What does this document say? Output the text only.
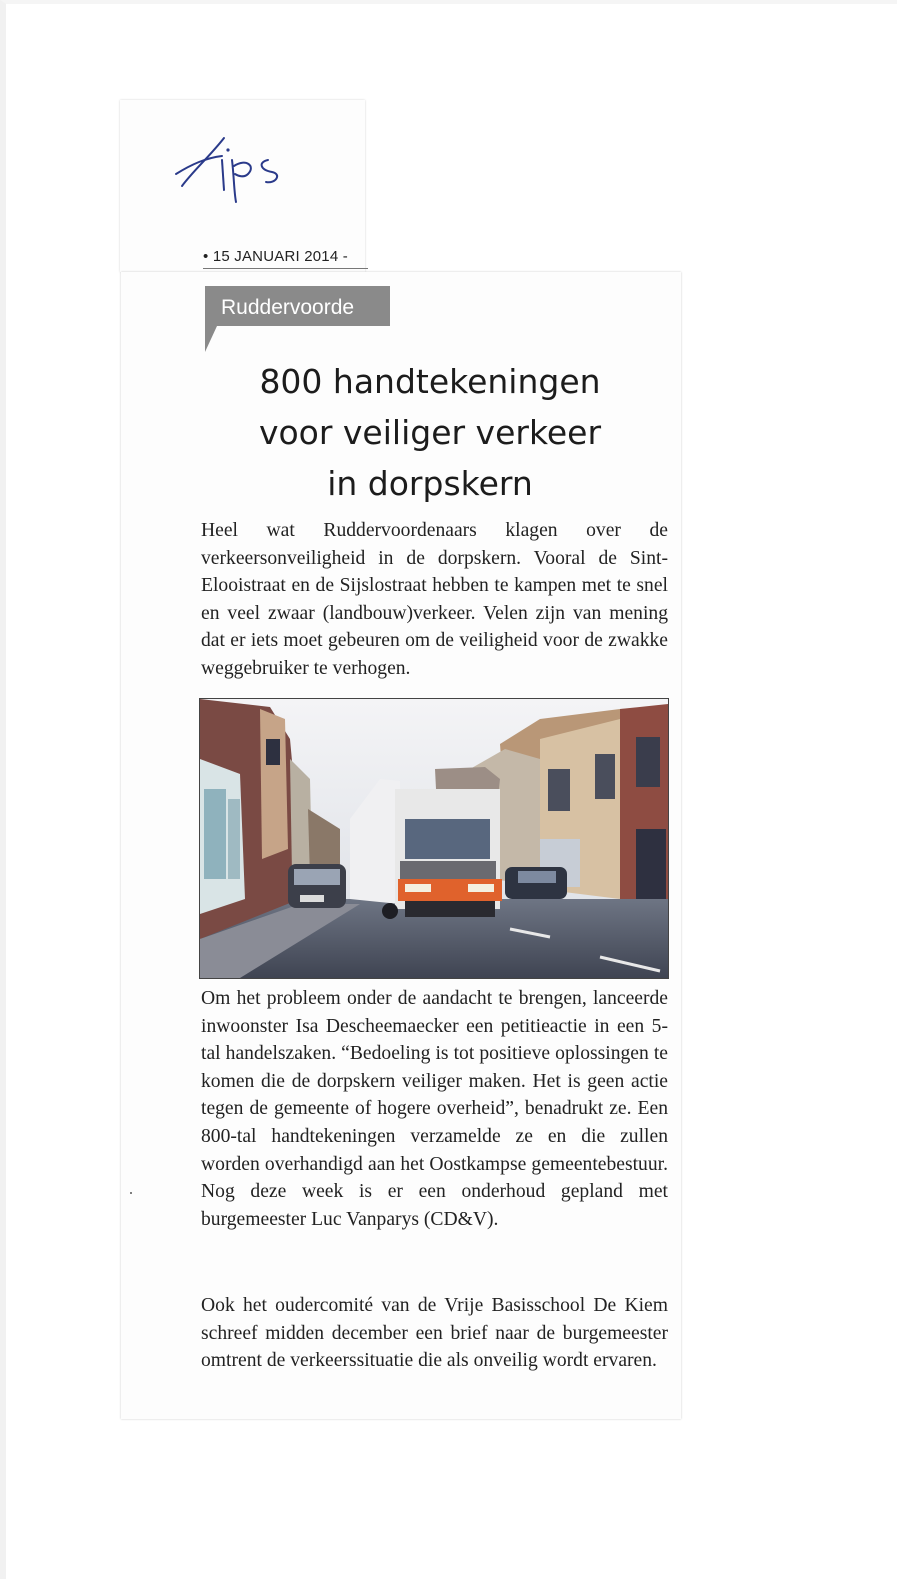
• 15 JANUARI 2014 -
Ruddervoorde
800 handtekeningen
voor veiliger verkeer
in dorpskern

Heel wat Ruddervoordenaars klagen over de verkeersonveiligheid in de dorpskern. Vooral de Sint-Elooistraat en de Sijslostraat hebben te kampen met te snel en veel zwaar (landbouw)verkeer. Velen zijn van mening dat er iets moet gebeuren om de veiligheid voor de zwakke weggebruiker te verhogen.

Om het probleem onder de aandacht te brengen, lanceerde inwoonster Isa Descheemaecker een petitieactie in een 5-tal handelszaken. “Bedoeling is tot positieve oplossingen te komen die de dorpskern veiliger maken. Het is geen actie tegen de gemeente of hogere overheid”, benadrukt ze. Een 800-tal handtekeningen verzamelde ze en die zullen worden overhandigd aan het Oostkampse gemeentebestuur. Nog deze week is er een onderhoud gepland met burgemeester Luc Vanparys (CD&V).

Ook het oudercomité van de Vrije Basisschool De Kiem schreef midden december een brief naar de burgemeester omtrent de verkeerssituatie die als onveilig wordt ervaren.
